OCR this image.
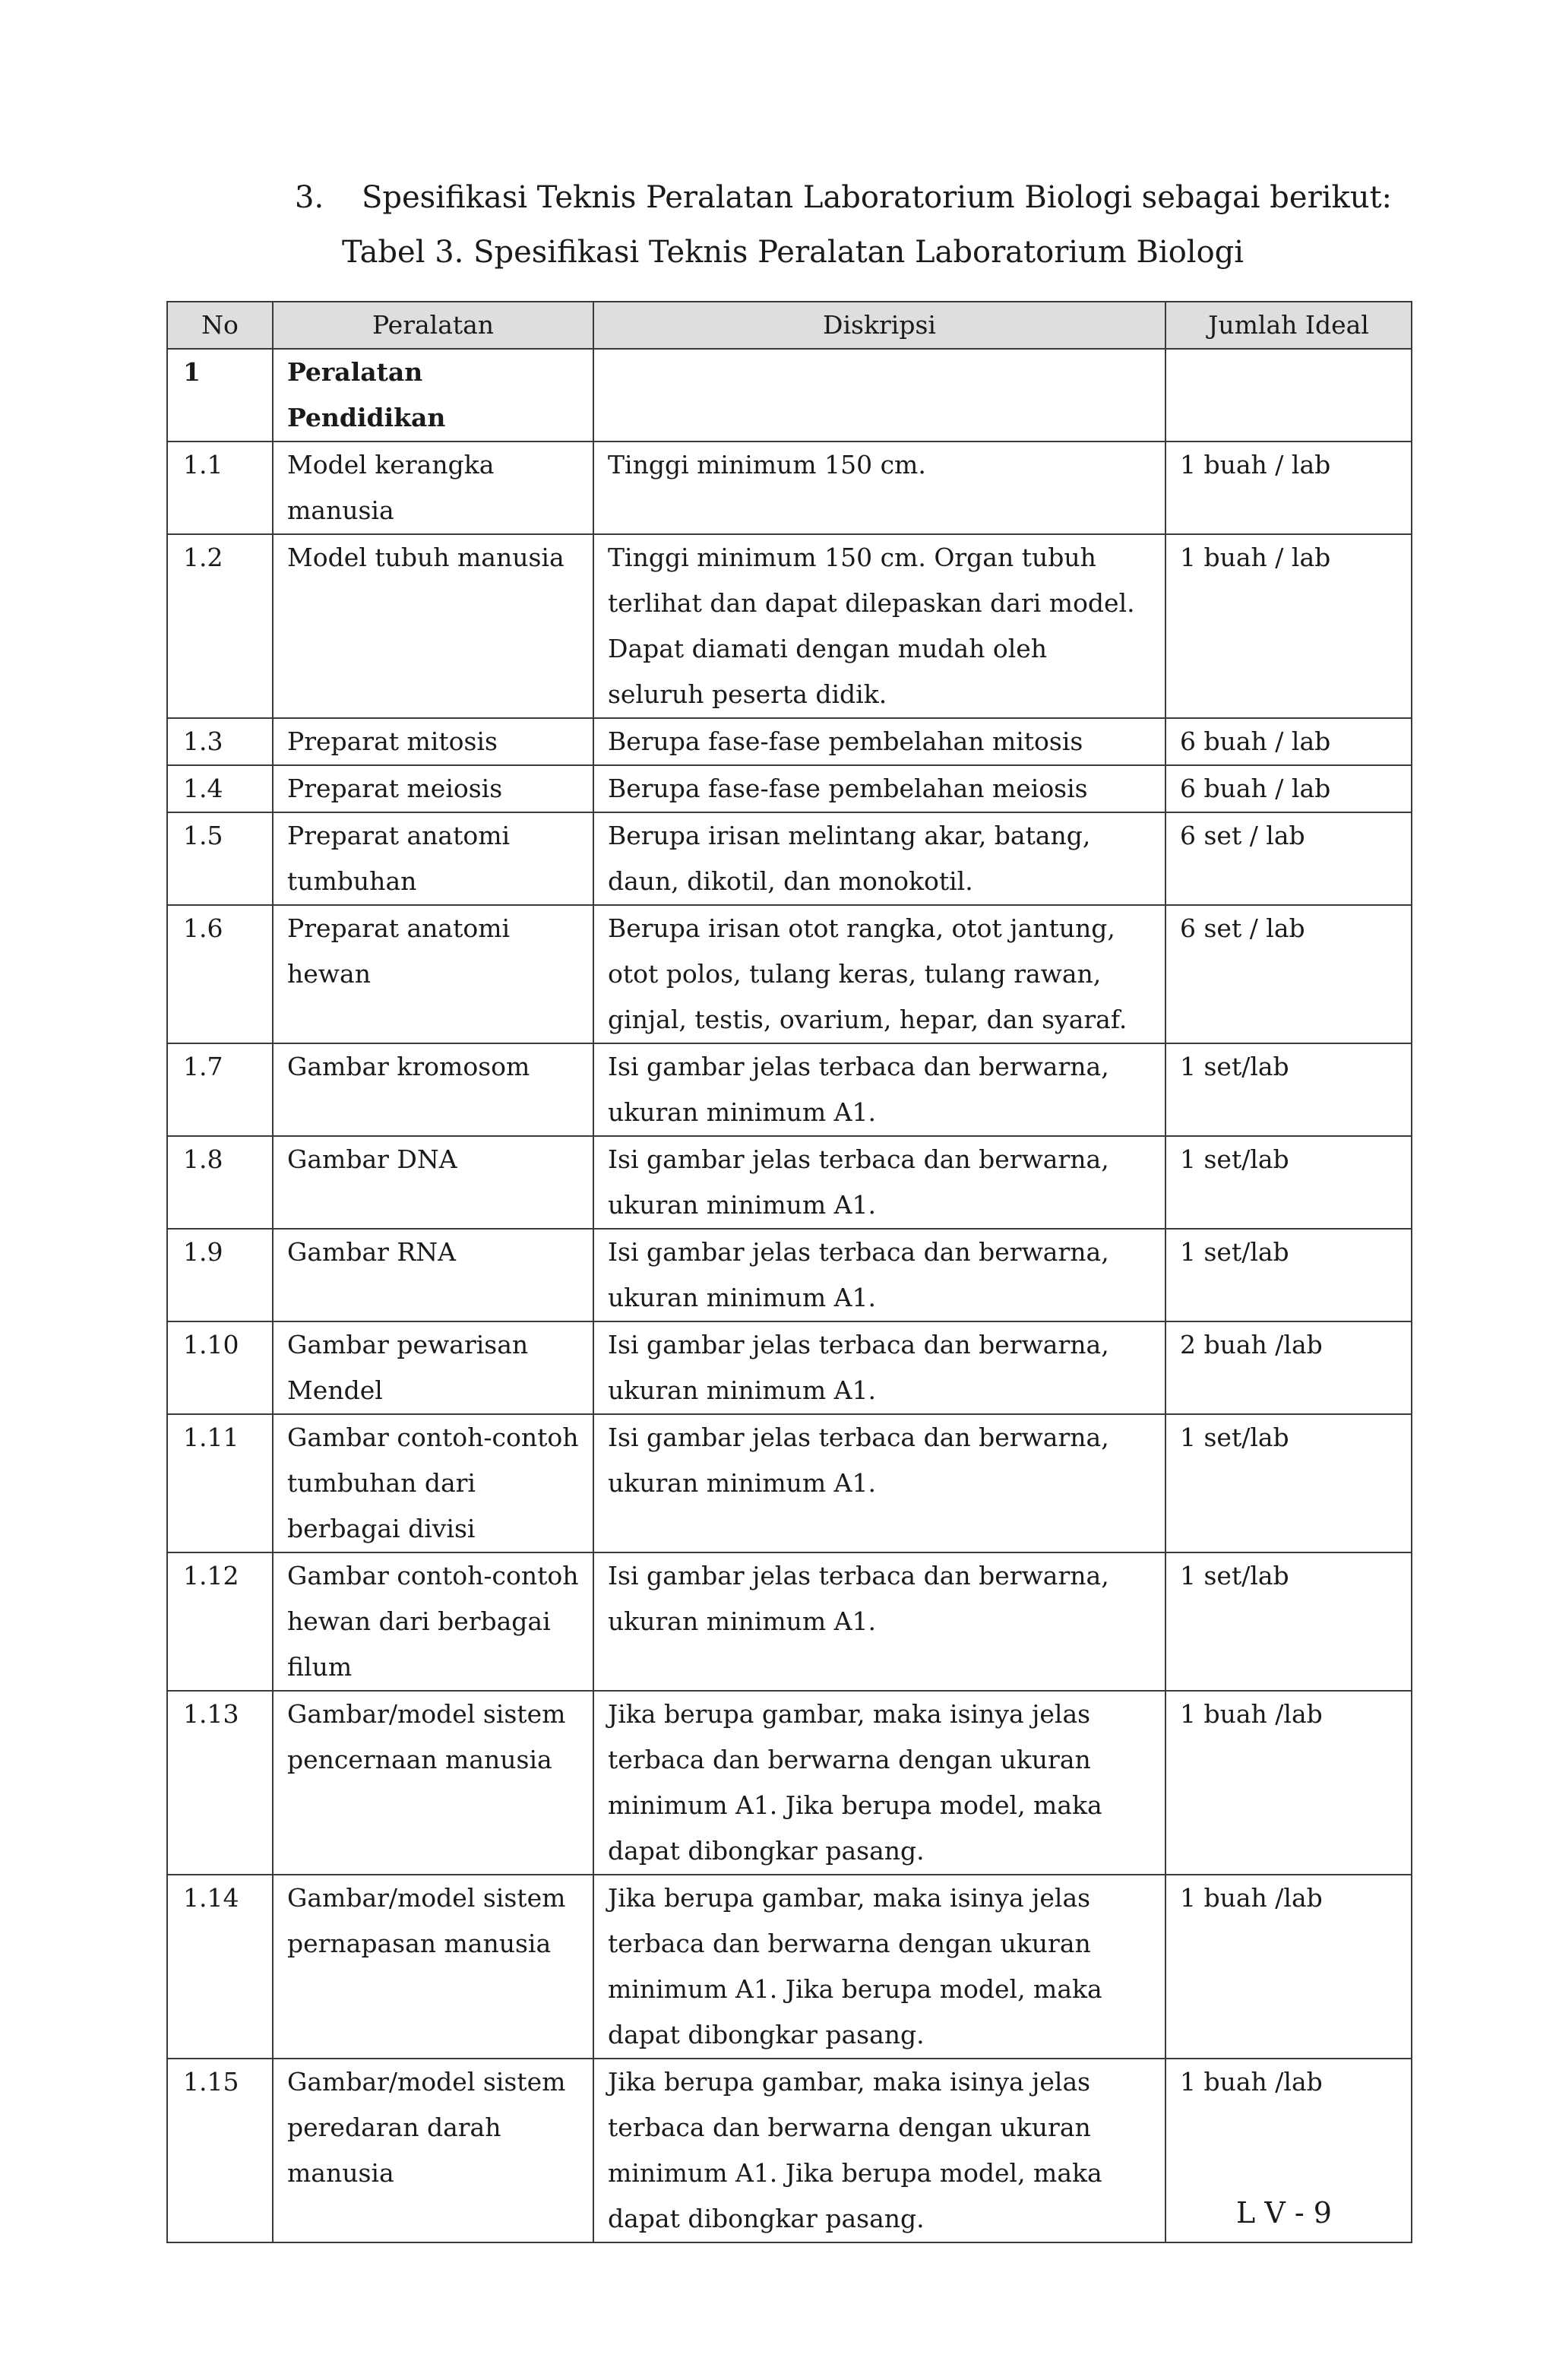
3. Spesifikasi Teknis Peralatan Laboratorium Biologi sebagai berikut:
Tabel 3. Spesifikasi Teknis Peralatan Laboratorium Biologi
No	Peralatan	Diskripsi	Jumlah Ideal
1	Peralatan Pendidikan		
1.1	Model kerangka manusia	Tinggi minimum 150 cm.	1 buah / lab
1.2	Model tubuh manusia	Tinggi minimum 150 cm. Organ tubuh terlihat dan dapat dilepaskan dari model. Dapat diamati dengan mudah oleh seluruh peserta didik.	1 buah / lab
1.3	Preparat mitosis	Berupa fase-fase pembelahan mitosis	6 buah / lab
1.4	Preparat meiosis	Berupa fase-fase pembelahan meiosis	6 buah / lab
1.5	Preparat anatomi tumbuhan	Berupa irisan melintang akar, batang, daun, dikotil, dan monokotil.	6 set / lab
1.6	Preparat anatomi hewan	Berupa irisan otot rangka, otot jantung, otot polos, tulang keras, tulang rawan, ginjal, testis, ovarium, hepar, dan syaraf.	6 set / lab
1.7	Gambar kromosom	Isi gambar jelas terbaca dan berwarna, ukuran minimum A1.	1 set/lab
1.8	Gambar DNA	Isi gambar jelas terbaca dan berwarna, ukuran minimum A1.	1 set/lab
1.9	Gambar RNA	Isi gambar jelas terbaca dan berwarna, ukuran minimum A1.	1 set/lab
1.10	Gambar pewarisan Mendel	Isi gambar jelas terbaca dan berwarna, ukuran minimum A1.	2 buah /lab
1.11	Gambar contoh-contoh tumbuhan dari berbagai divisi	Isi gambar jelas terbaca dan berwarna, ukuran minimum A1.	1 set/lab
1.12	Gambar contoh-contoh hewan dari berbagai filum	Isi gambar jelas terbaca dan berwarna, ukuran minimum A1.	1 set/lab
1.13	Gambar/model sistem pencernaan manusia	Jika berupa gambar, maka isinya jelas terbaca dan berwarna dengan ukuran minimum A1. Jika berupa model, maka dapat dibongkar pasang.	1 buah /lab
1.14	Gambar/model sistem pernapasan manusia	Jika berupa gambar, maka isinya jelas terbaca dan berwarna dengan ukuran minimum A1. Jika berupa model, maka dapat dibongkar pasang.	1 buah /lab
1.15	Gambar/model sistem peredaran darah manusia	Jika berupa gambar, maka isinya jelas terbaca dan berwarna dengan ukuran minimum A1. Jika berupa model, maka dapat dibongkar pasang.	1 buah /lab
L V - 9
